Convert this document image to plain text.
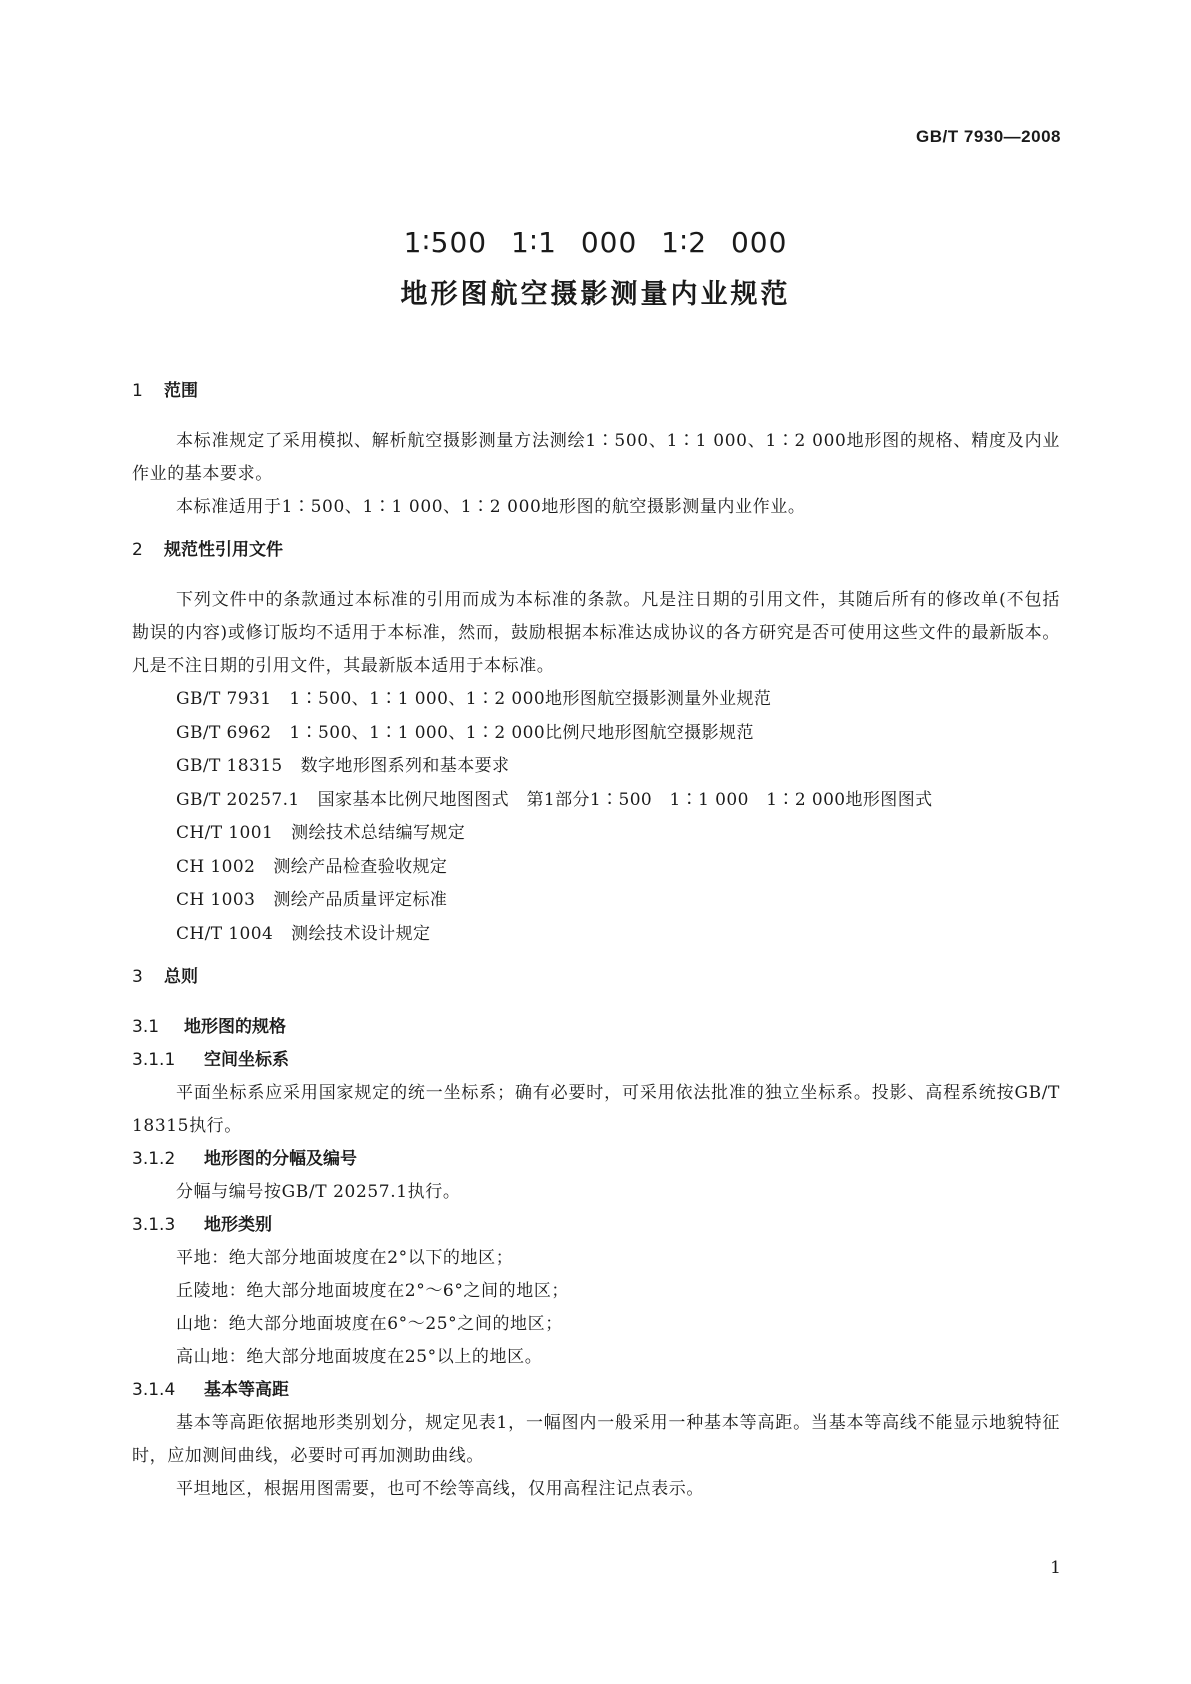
GB/T 7930—2008
1∶500 1∶1 000 1∶2 000
地形图航空摄影测量内业规范
1 范围

本标准规定了采用模拟、解析航空摄影测量方法测绘1∶500、1∶1 000、1∶2 000地形图的规格、精度及内业作业的基本要求。

本标准适用于1∶500、1∶1 000、1∶2 000地形图的航空摄影测量内业作业。

2 规范性引用文件

下列文件中的条款通过本标准的引用而成为本标准的条款。凡是注日期的引用文件，其随后所有的修改单(不包括勘误的内容)或修订版均不适用于本标准，然而，鼓励根据本标准达成协议的各方研究是否可使用这些文件的最新版本。凡是不注日期的引用文件，其最新版本适用于本标准。

GB/T 7931 1∶500、1∶1 000、1∶2 000地形图航空摄影测量外业规范
GB/T 6962 1∶500、1∶1 000、1∶2 000比例尺地形图航空摄影规范
GB/T 18315 数字地形图系列和基本要求
GB/T 20257.1 国家基本比例尺地图图式　第1部分1∶500　1∶1 000　1∶2 000地形图图式
CH/T 1001 测绘技术总结编写规定
CH 1002 测绘产品检查验收规定
CH 1003 测绘产品质量评定标准
CH/T 1004 测绘技术设计规定
3 总则
3.1 地形图的规格
3.1.1 空间坐标系

平面坐标系应采用国家规定的统一坐标系；确有必要时，可采用依法批准的独立坐标系。投影、高程系统按GB/T 18315执行。

3.1.2 地形图的分幅及编号

分幅与编号按GB/T 20257.1执行。

3.1.3 地形类别

平地：绝大部分地面坡度在2°以下的地区；

丘陵地：绝大部分地面坡度在2°～6°之间的地区；

山地：绝大部分地面坡度在6°～25°之间的地区；

高山地：绝大部分地面坡度在25°以上的地区。

3.1.4 基本等高距

基本等高距依据地形类别划分，规定见表1，一幅图内一般采用一种基本等高距。当基本等高线不能显示地貌特征时，应加测间曲线，必要时可再加测助曲线。

平坦地区，根据用图需要，也可不绘等高线，仅用高程注记点表示。

1
